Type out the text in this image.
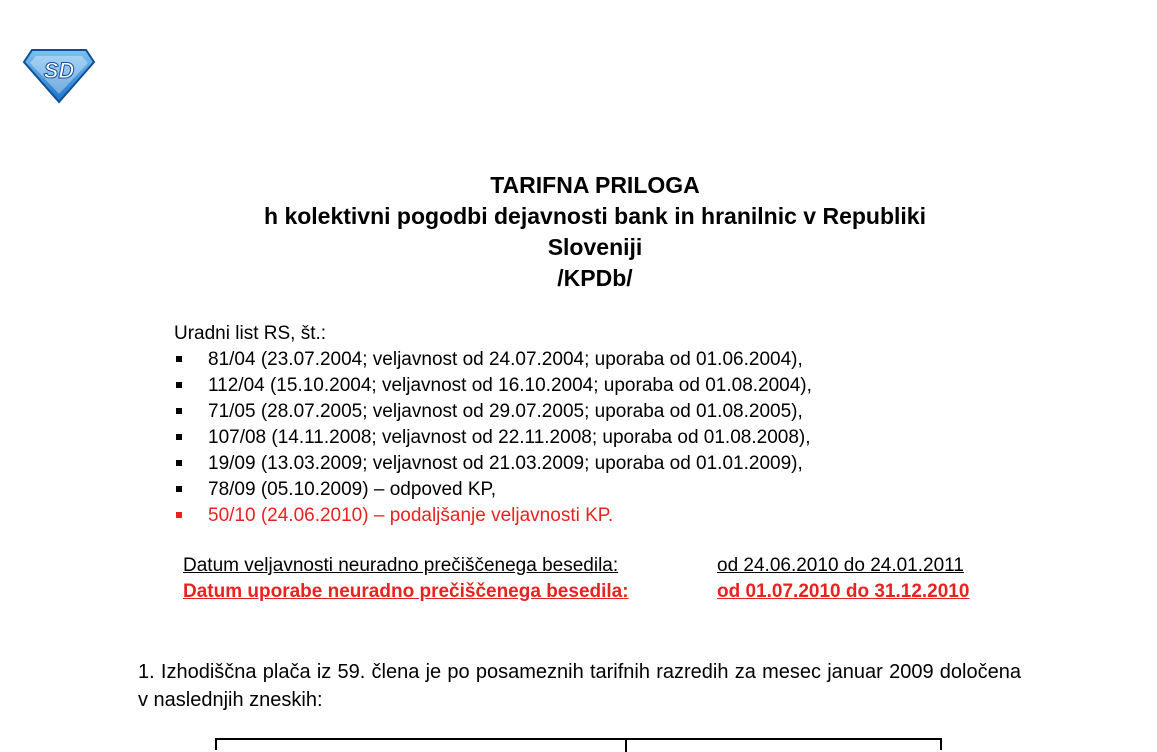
SD
TARIFNA PRILOGA
h kolektivni pogodbi dejavnosti bank in hranilnic v Republiki
Sloveniji
/KPDb/
Uradni list RS, št.:
81/04 (23.07.2004; veljavnost od 24.07.2004; uporaba od 01.06.2004),
112/04 (15.10.2004; veljavnost od 16.10.2004; uporaba od 01.08.2004),
71/05 (28.07.2005; veljavnost od 29.07.2005; uporaba od 01.08.2005),
107/08 (14.11.2008; veljavnost od 22.11.2008; uporaba od 01.08.2008),
19/09 (13.03.2009; veljavnost od 21.03.2009; uporaba od 01.01.2009),
78/09 (05.10.2009) – odpoved KP,
50/10 (24.06.2010) – podaljšanje veljavnosti KP.
Datum veljavnosti neuradno prečiščenega besedila:	od 24.06.2010 do 24.01.2011
Datum uporabe neuradno prečiščenega besedila:	od 01.07.2010 do 31.12.2010
1. Izhodiščna plača iz 59. člena je po posameznih tarifnih razredih za mesec januar 2009 določena v naslednjih zneskih:
